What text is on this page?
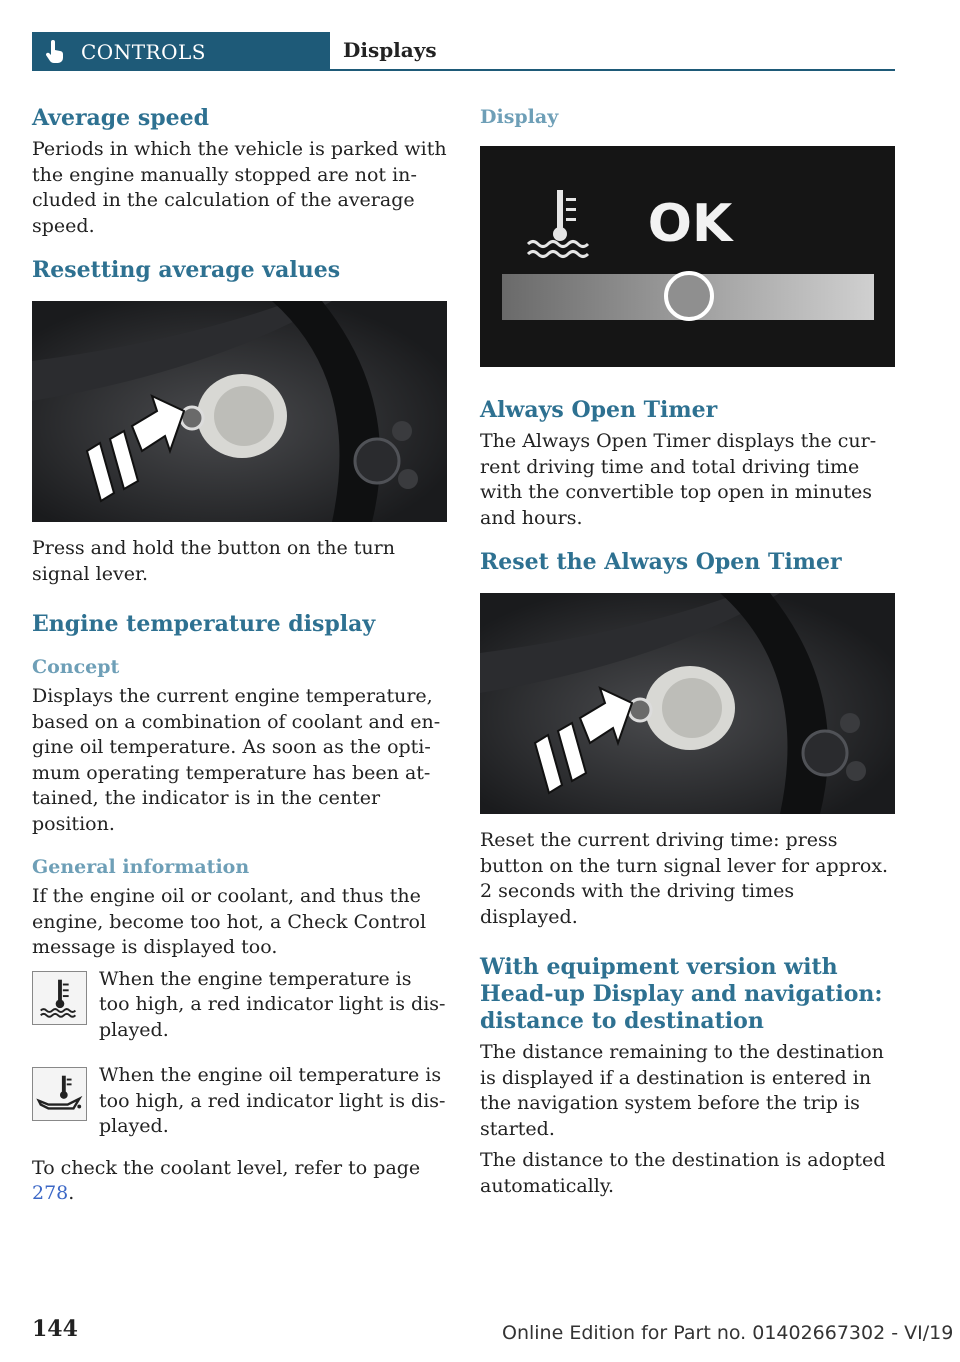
CONTROLS	Displays
Average speed
Periods in which the vehicle is parked with the engine manually stopped are not included in the calculation of the average speed.
Resetting average values
Press and hold the button on the turn signal lever.
Engine temperature display
Concept
Displays the current engine temperature, based on a combination of coolant and engine oil temperature. As soon as the optimum operating temperature has been attained, the indicator is in the center position.
General information
If the engine oil or coolant, and thus the engine, become too hot, a Check Control message is displayed too.
When the engine temperature is too high, a red indicator light is displayed.
When the engine oil temperature is too high, a red indicator light is displayed.
To check the coolant level, refer to page 278.
Display
OK
Always Open Timer
The Always Open Timer displays the current driving time and total driving time with the convertible top open in minutes and hours.
Reset the Always Open Timer
Reset the current driving time: press button on the turn signal lever for approx. 2 seconds with the driving times displayed.
With equipment version with Head-up Display and navigation: distance to destination
The distance remaining to the destination is displayed if a destination is entered in the navigation system before the trip is started.
The distance to the destination is adopted automatically.
144	Online Edition for Part no. 01402667302 - VI/19
